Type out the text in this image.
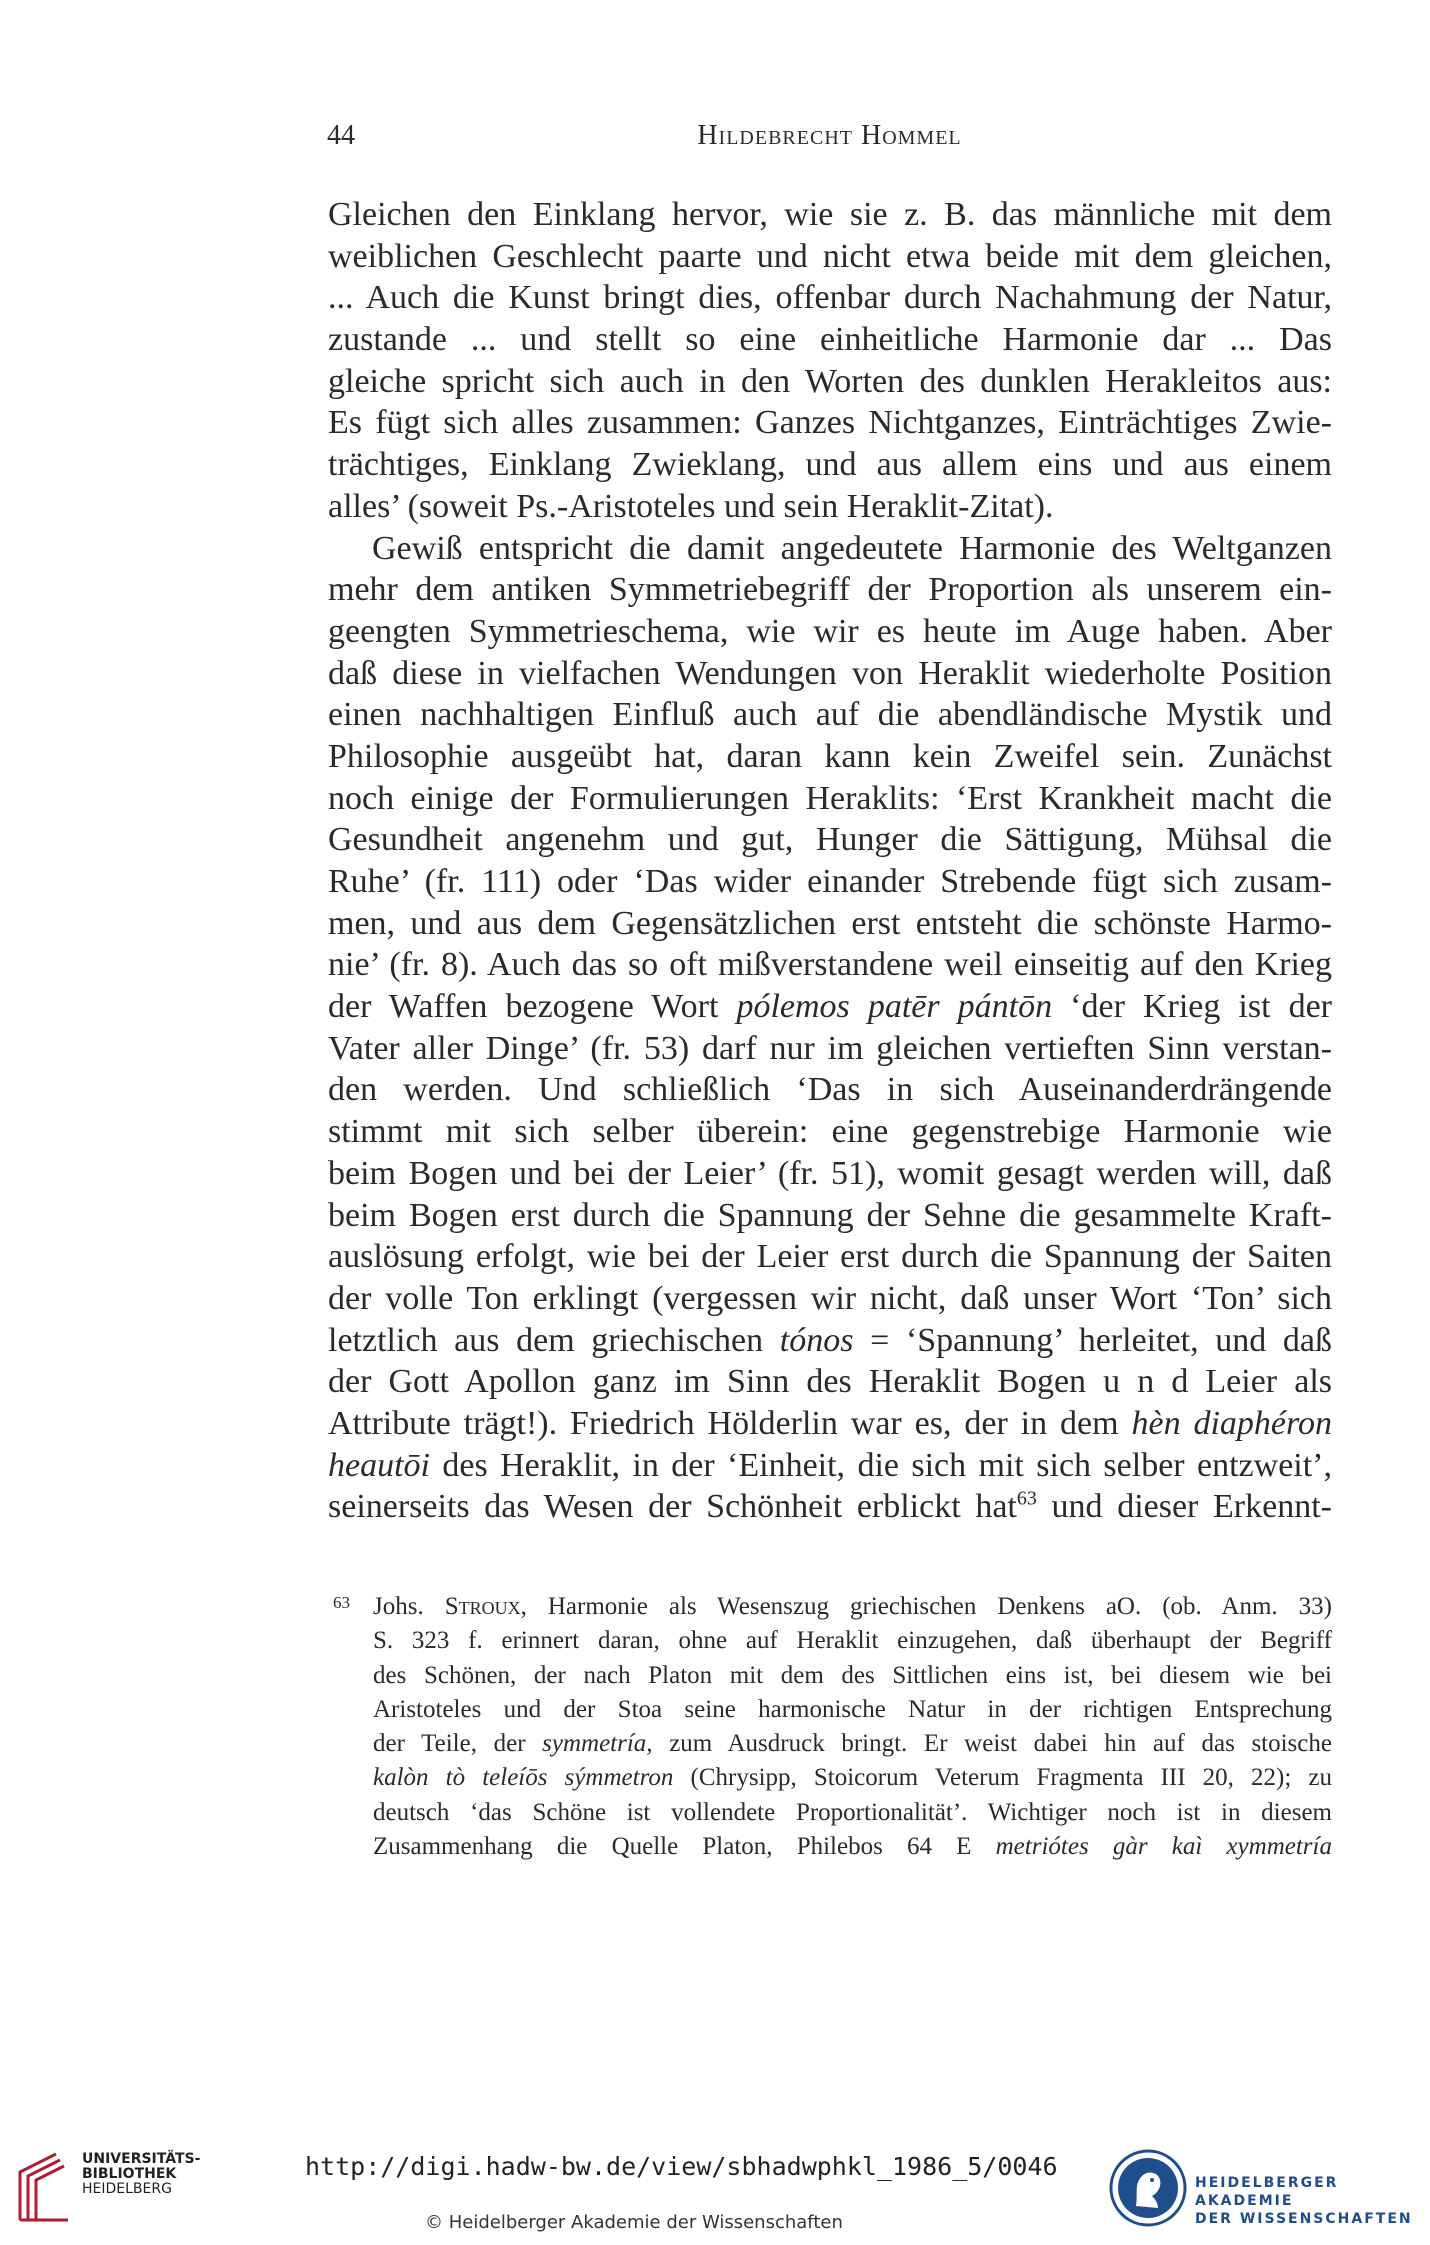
44	Hildebrecht Hommel
Gleichen den Einklang hervor, wie sie z. B. das männliche mit dem
weiblichen Geschlecht paarte und nicht etwa beide mit dem gleichen,
... Auch die Kunst bringt dies, offenbar durch Nachahmung der Natur,
zustande ... und stellt so eine einheitliche Harmonie dar ... Das
gleiche spricht sich auch in den Worten des dunklen Herakleitos aus:
Es fügt sich alles zusammen: Ganzes Nichtganzes, Einträchtiges Zwie-
trächtiges, Einklang Zwieklang, und aus allem eins und aus einem
alles’ (soweit Ps.-Aristoteles und sein Heraklit-Zitat).
Gewiß entspricht die damit angedeutete Harmonie des Weltganzen
mehr dem antiken Symmetriebegriff der Proportion als unserem ein-
geengten Symmetrieschema, wie wir es heute im Auge haben. Aber
daß diese in vielfachen Wendungen von Heraklit wiederholte Position
einen nachhaltigen Einfluß auch auf die abendländische Mystik und
Philosophie ausgeübt hat, daran kann kein Zweifel sein. Zunächst
noch einige der Formulierungen Heraklits: ‘Erst Krankheit macht die
Gesundheit angenehm und gut, Hunger die Sättigung, Mühsal die
Ruhe’ (fr. 111) oder ‘Das wider einander Strebende fügt sich zusam-
men, und aus dem Gegensätzlichen erst entsteht die schönste Harmo-
nie’ (fr. 8). Auch das so oft mißverstandene weil einseitig auf den Krieg
der Waffen bezogene Wort pólemos patēr pántōn ‘der Krieg ist der
Vater aller Dinge’ (fr. 53) darf nur im gleichen vertieften Sinn verstan-
den werden. Und schließlich ‘Das in sich Auseinanderdrängende
stimmt mit sich selber überein: eine gegenstrebige Harmonie wie
beim Bogen und bei der Leier’ (fr. 51), womit gesagt werden will, daß
beim Bogen erst durch die Spannung der Sehne die gesammelte Kraft-
auslösung erfolgt, wie bei der Leier erst durch die Spannung der Saiten
der volle Ton erklingt (vergessen wir nicht, daß unser Wort ‘Ton’ sich
letztlich aus dem griechischen tónos = ‘Spannung’ herleitet, und daß
der Gott Apollon ganz im Sinn des Heraklit Bogen u n d Leier als
Attribute trägt!). Friedrich Hölderlin war es, der in dem hèn diaphéron
heautōi des Heraklit, in der ‘Einheit, die sich mit sich selber entzweit’,
seinerseits das Wesen der Schönheit erblickt hat$^{63}$ und dieser Erkennt-
63 Johs. Stroux, Harmonie als Wesenszug griechischen Denkens aO. (ob. Anm. 33)
S. 323 f. erinnert daran, ohne auf Heraklit einzugehen, daß überhaupt der Begriff
des Schönen, der nach Platon mit dem des Sittlichen eins ist, bei diesem wie bei
Aristoteles und der Stoa seine harmonische Natur in der richtigen Entsprechung
der Teile, der symmetría, zum Ausdruck bringt. Er weist dabei hin auf das stoische
kalòn tò teleíōs sýmmetron (Chrysipp, Stoicorum Veterum Fragmenta III 20, 22); zu
deutsch ‘das Schöne ist vollendete Proportionalität’. Wichtiger noch ist in diesem
Zusammenhang die Quelle Platon, Philebos 64 E metriótes gàr kaì xymmetría
UNIVERSITÄTS-
BIBLIOTHEK
HEIDELBERG
http://digi.hadw-bw.de/view/sbhadwphkl_1986_5/0046
© Heidelberger Akademie der Wissenschaften
HEIDELBERGER AKADEMIE
DER WISSENSCHAFTEN
